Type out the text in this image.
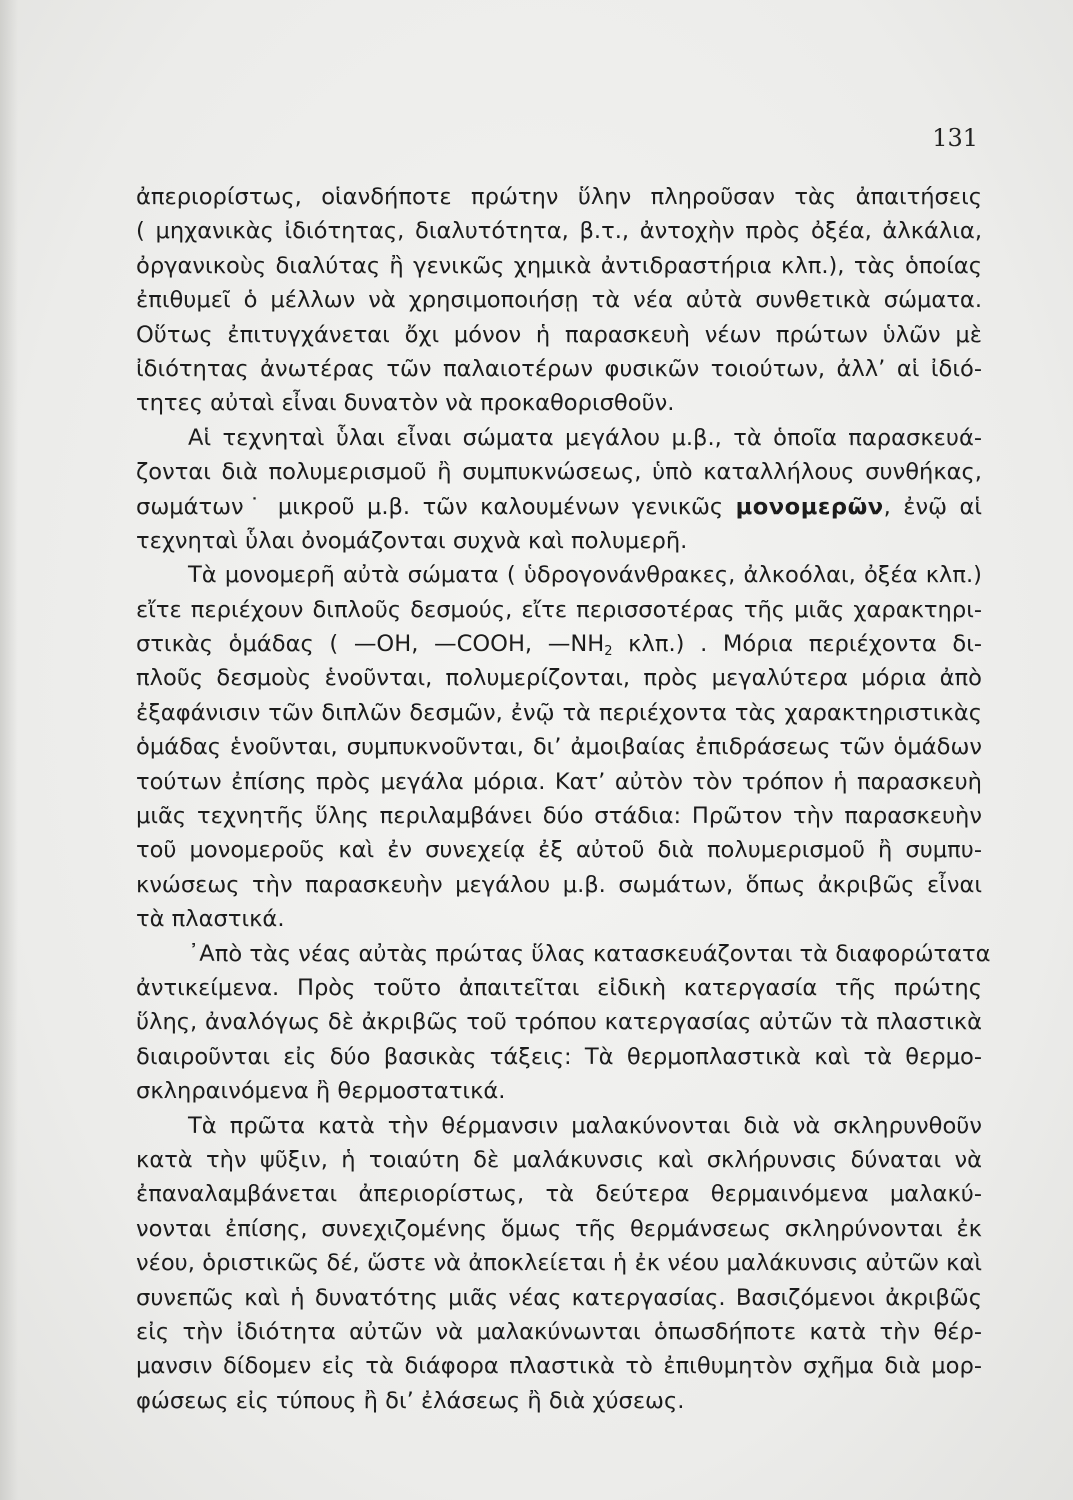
131
ἀπεριορίστως, οἱανδήποτε πρώτην ὕλην πληροῦσαν τὰς ἀπαιτήσεις
( μηχανικὰς ἰδιότητας, διαλυτότητα, β.τ., ἀντοχὴν πρὸς ὀξέα, ἀλκάλια,
ὀργανικοὺς διαλύτας ἢ γενικῶς χημικὰ ἀντιδραστήρια κλπ.), τὰς ὁποίας
ἐπιθυμεῖ ὁ μέλλων νὰ χρησιμοποιήσῃ τὰ νέα αὐτὰ συνθετικὰ σώματα.
Οὕτως ἐπιτυγχάνεται ὄχι μόνον ἡ παρασκευὴ νέων πρώτων ὑλῶν μὲ
ἰδιότητας ἀνωτέρας τῶν παλαιοτέρων φυσικῶν τοιούτων, ἀλλ’ αἱ ἰδιό-
τητες αὐταὶ εἶναι δυνατὸν νὰ προκαθορισθοῦν.
Αἱ τεχνηταὶ ὗλαι εἶναι σώματα μεγάλου μ.β., τὰ ὁποῖα παρασκευά-
ζονται διὰ πολυμερισμοῦ ἢ συμπυκνώσεως, ὑπὸ καταλλήλους συνθήκας,
σωμάτων˙ μικροῦ μ.β. τῶν καλουμένων γενικῶς μονομερῶν, ἐνῷ αἱ
τεχνηταὶ ὗλαι ὀνομάζονται συχνὰ καὶ πολυμερῆ.
Τὰ μονομερῆ αὐτὰ σώματα ( ὑδρογονάνθρακες, ἀλκοόλαι, ὀξέα κλπ.)
εἴτε περιέχουν διπλοῦς δεσμούς, εἴτε περισσοτέρας τῆς μιᾶς χαρακτηρι-
στικὰς ὁμάδας ( —OH, —COOH, $—NH_2$ κλπ.) . Μόρια περιέχοντα δι-
πλοῦς δεσμοὺς ἑνοῦνται, πολυμερίζονται, πρὸς μεγαλύτερα μόρια ἀπὸ
ἐξαφάνισιν τῶν διπλῶν δεσμῶν, ἐνῷ τὰ περιέχοντα τὰς χαρακτηριστικὰς
ὁμάδας ἑνοῦνται, συμπυκνοῦνται, δι’ ἀμοιβαίας ἐπιδράσεως τῶν ὁμάδων
τούτων ἐπίσης πρὸς μεγάλα μόρια. Κατ’ αὐτὸν τὸν τρόπον ἡ παρασκευὴ
μιᾶς τεχνητῆς ὕλης περιλαμβάνει δύο στάδια: Πρῶτον τὴν παρασκευὴν
τοῦ μονομεροῦς καὶ ἐν συνεχείᾳ ἐξ αὐτοῦ διὰ πολυμερισμοῦ ἢ συμπυ-
κνώσεως τὴν παρασκευὴν μεγάλου μ.β. σωμάτων, ὅπως ἀκριβῶς εἶναι
τὰ πλαστικά.
᾿Απὸ τὰς νέας αὐτὰς πρώτας ὕλας κατασκευάζονται τὰ διαφορώτατα
ἀντικείμενα. Πρὸς τοῦτο ἀπαιτεῖται εἰδικὴ κατεργασία τῆς πρώτης
ὕλης, ἀναλόγως δὲ ἀκριβῶς τοῦ τρόπου κατεργασίας αὐτῶν τὰ πλαστικὰ
διαιροῦνται εἰς δύο βασικὰς τάξεις: Τὰ θερμοπλαστικὰ καὶ τὰ θερμο-
σκληραινόμενα ἢ θερμοστατικά.
Τὰ πρῶτα κατὰ τὴν θέρμανσιν μαλακύνονται διὰ νὰ σκληρυνθοῦν
κατὰ τὴν ψῦξιν, ἡ τοιαύτη δὲ μαλάκυνσις καὶ σκλήρυνσις δύναται νὰ
ἐπαναλαμβάνεται ἀπεριορίστως, τὰ δεύτερα θερμαινόμενα μαλακύ-
νονται ἐπίσης, συνεχιζομένης ὅμως τῆς θερμάνσεως σκληρύνονται ἐκ
νέου, ὁριστικῶς δέ, ὥστε νὰ ἀποκλείεται ἡ ἐκ νέου μαλάκυνσις αὐτῶν καὶ
συνεπῶς καὶ ἡ δυνατότης μιᾶς νέας κατεργασίας. Βασιζόμενοι ἀκριβῶς
εἰς τὴν ἰδιότητα αὐτῶν νὰ μαλακύνωνται ὁπωσδήποτε κατὰ τὴν θέρ-
μανσιν δίδομεν εἰς τὰ διάφορα πλαστικὰ τὸ ἐπιθυμητὸν σχῆμα διὰ μορ-
φώσεως εἰς τύπους ἢ δι’ ἐλάσεως ἢ διὰ χύσεως.
